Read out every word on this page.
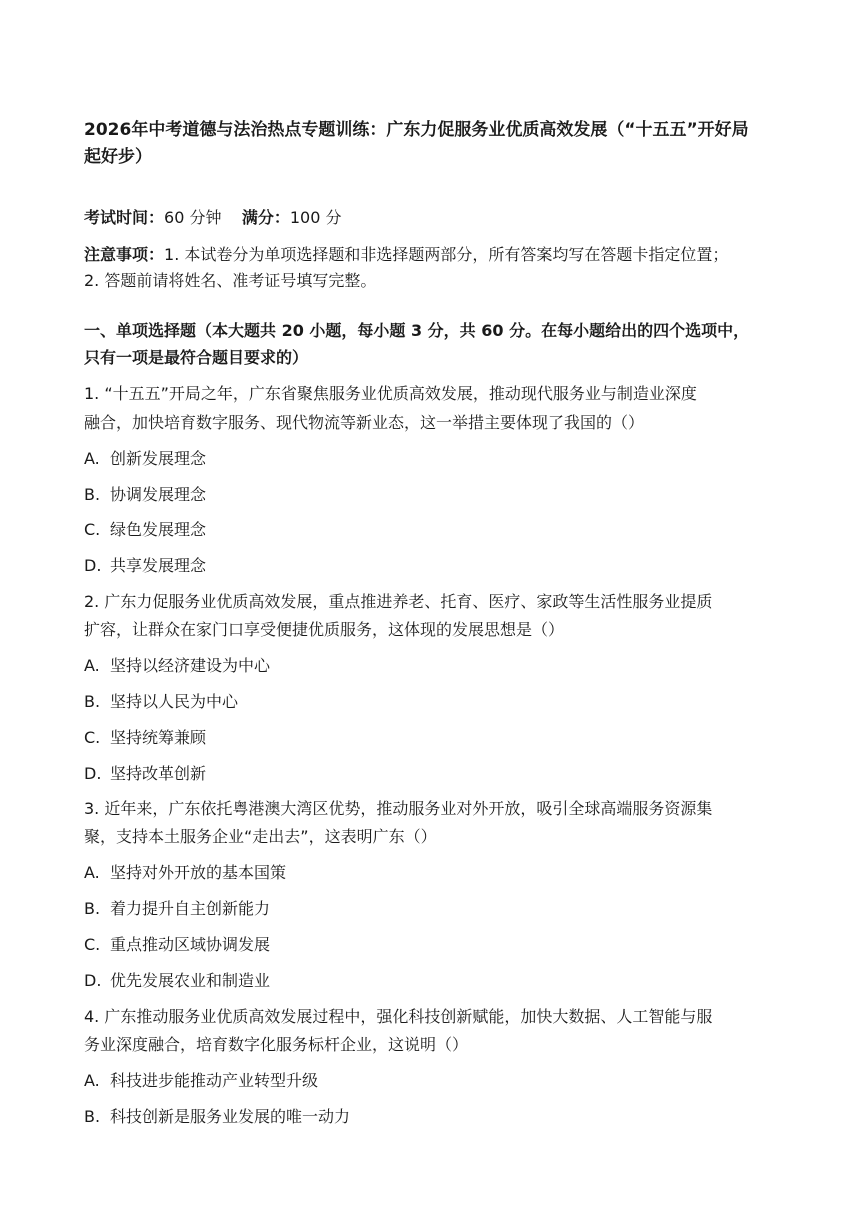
2026年中考道德与法治热点专题训练：广东力促服务业优质高效发展（“十五五”开好局
起好步）
考试时间：60 分钟 满分：100 分
注意事项：1. 本试卷分为单项选择题和非选择题两部分，所有答案均写在答题卡指定位置；
2. 答题前请将姓名、准考证号填写完整。
一、单项选择题（本大题共 20 小题，每小题 3 分，共 60 分。在每小题给出的四个选项中，
只有一项是最符合题目要求的）
1. “十五五”开局之年，广东省聚焦服务业优质高效发展，推动现代服务业与制造业深度
融合，加快培育数字服务、现代物流等新业态，这一举措主要体现了我国的（）
A. 创新发展理念
B. 协调发展理念
C. 绿色发展理念
D. 共享发展理念
2. 广东力促服务业优质高效发展，重点推进养老、托育、医疗、家政等生活性服务业提质
扩容，让群众在家门口享受便捷优质服务，这体现的发展思想是（）
A. 坚持以经济建设为中心
B. 坚持以人民为中心
C. 坚持统筹兼顾
D. 坚持改革创新
3. 近年来，广东依托粤港澳大湾区优势，推动服务业对外开放，吸引全球高端服务资源集
聚，支持本土服务企业“走出去”，这表明广东（）
A. 坚持对外开放的基本国策
B. 着力提升自主创新能力
C. 重点推动区域协调发展
D. 优先发展农业和制造业
4. 广东推动服务业优质高效发展过程中，强化科技创新赋能，加快大数据、人工智能与服
务业深度融合，培育数字化服务标杆企业，这说明（）
A. 科技进步能推动产业转型升级
B. 科技创新是服务业发展的唯一动力
